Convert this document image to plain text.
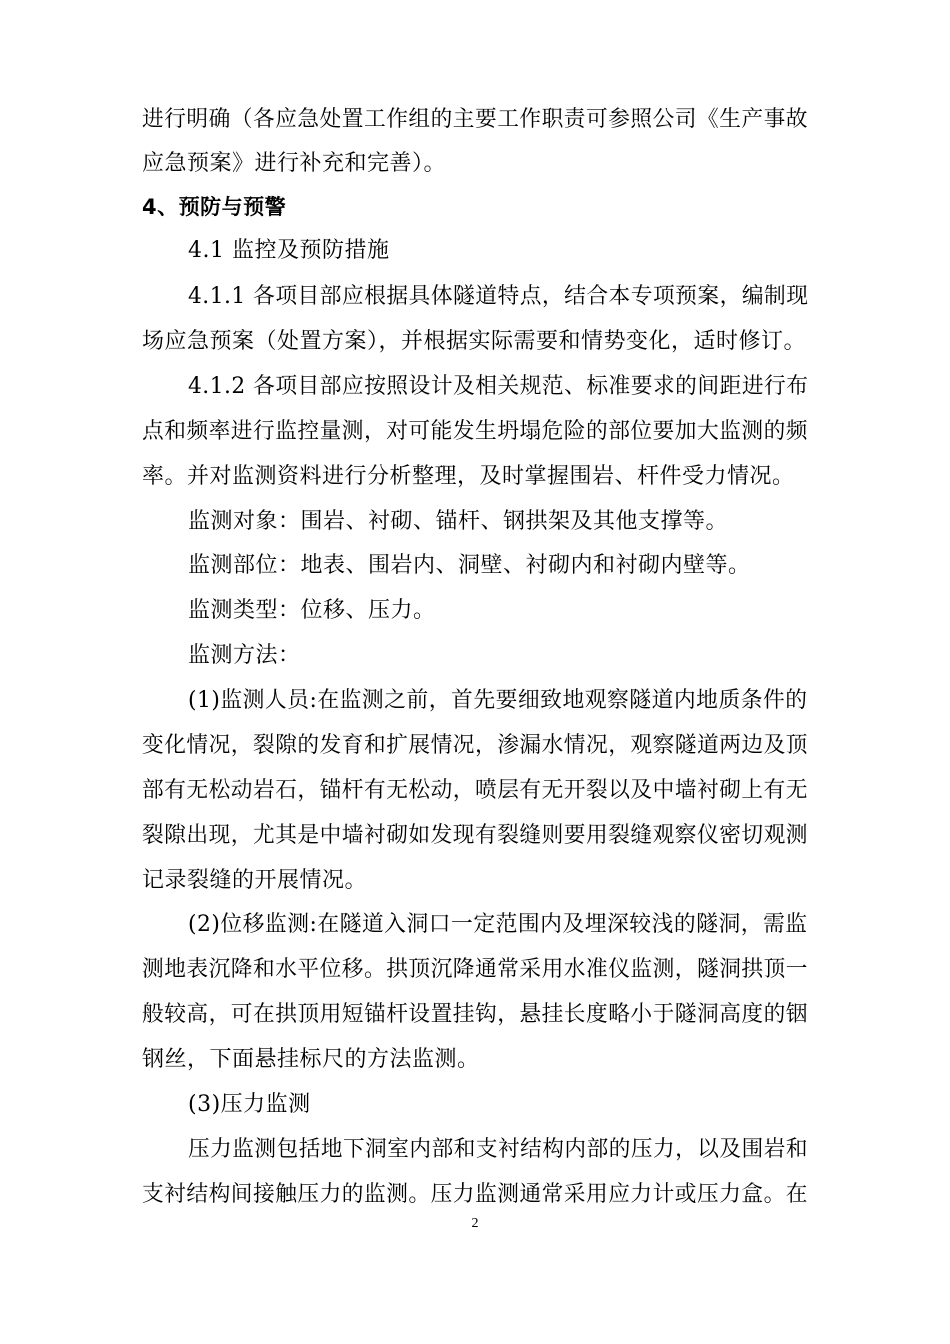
进行明确（各应急处置工作组的主要工作职责可参照公司《生产事故
应急预案》进行补充和完善）。
4、预防与预警
4.1 监控及预防措施
4.1.1 各项目部应根据具体隧道特点，结合本专项预案，编制现
场应急预案（处置方案），并根据实际需要和情势变化，适时修订。
4.1.2 各项目部应按照设计及相关规范、标准要求的间距进行布
点和频率进行监控量测，对可能发生坍塌危险的部位要加大监测的频
率。并对监测资料进行分析整理，及时掌握围岩、杆件受力情况。
监测对象：围岩、衬砌、锚杆、钢拱架及其他支撑等。
监测部位：地表、围岩内、洞壁、衬砌内和衬砌内壁等。
监测类型：位移、压力。
监测方法：
(1)监测人员:在监测之前，首先要细致地观察隧道内地质条件的
变化情况，裂隙的发育和扩展情况，渗漏水情况，观察隧道两边及顶
部有无松动岩石，锚杆有无松动，喷层有无开裂以及中墙衬砌上有无
裂隙出现，尤其是中墙衬砌如发现有裂缝则要用裂缝观察仪密切观测
记录裂缝的开展情况。
(2)位移监测:在隧道入洞口一定范围内及埋深较浅的隧洞，需监
测地表沉降和水平位移。拱顶沉降通常采用水准仪监测，隧洞拱顶一
般较高，可在拱顶用短锚杆设置挂钩，悬挂长度略小于隧洞高度的铟
钢丝，下面悬挂标尺的方法监测。
(3)压力监测
压力监测包括地下洞室内部和支衬结构内部的压力，以及围岩和
支衬结构间接触压力的监测。压力监测通常采用应力计或压力盒。在
2
